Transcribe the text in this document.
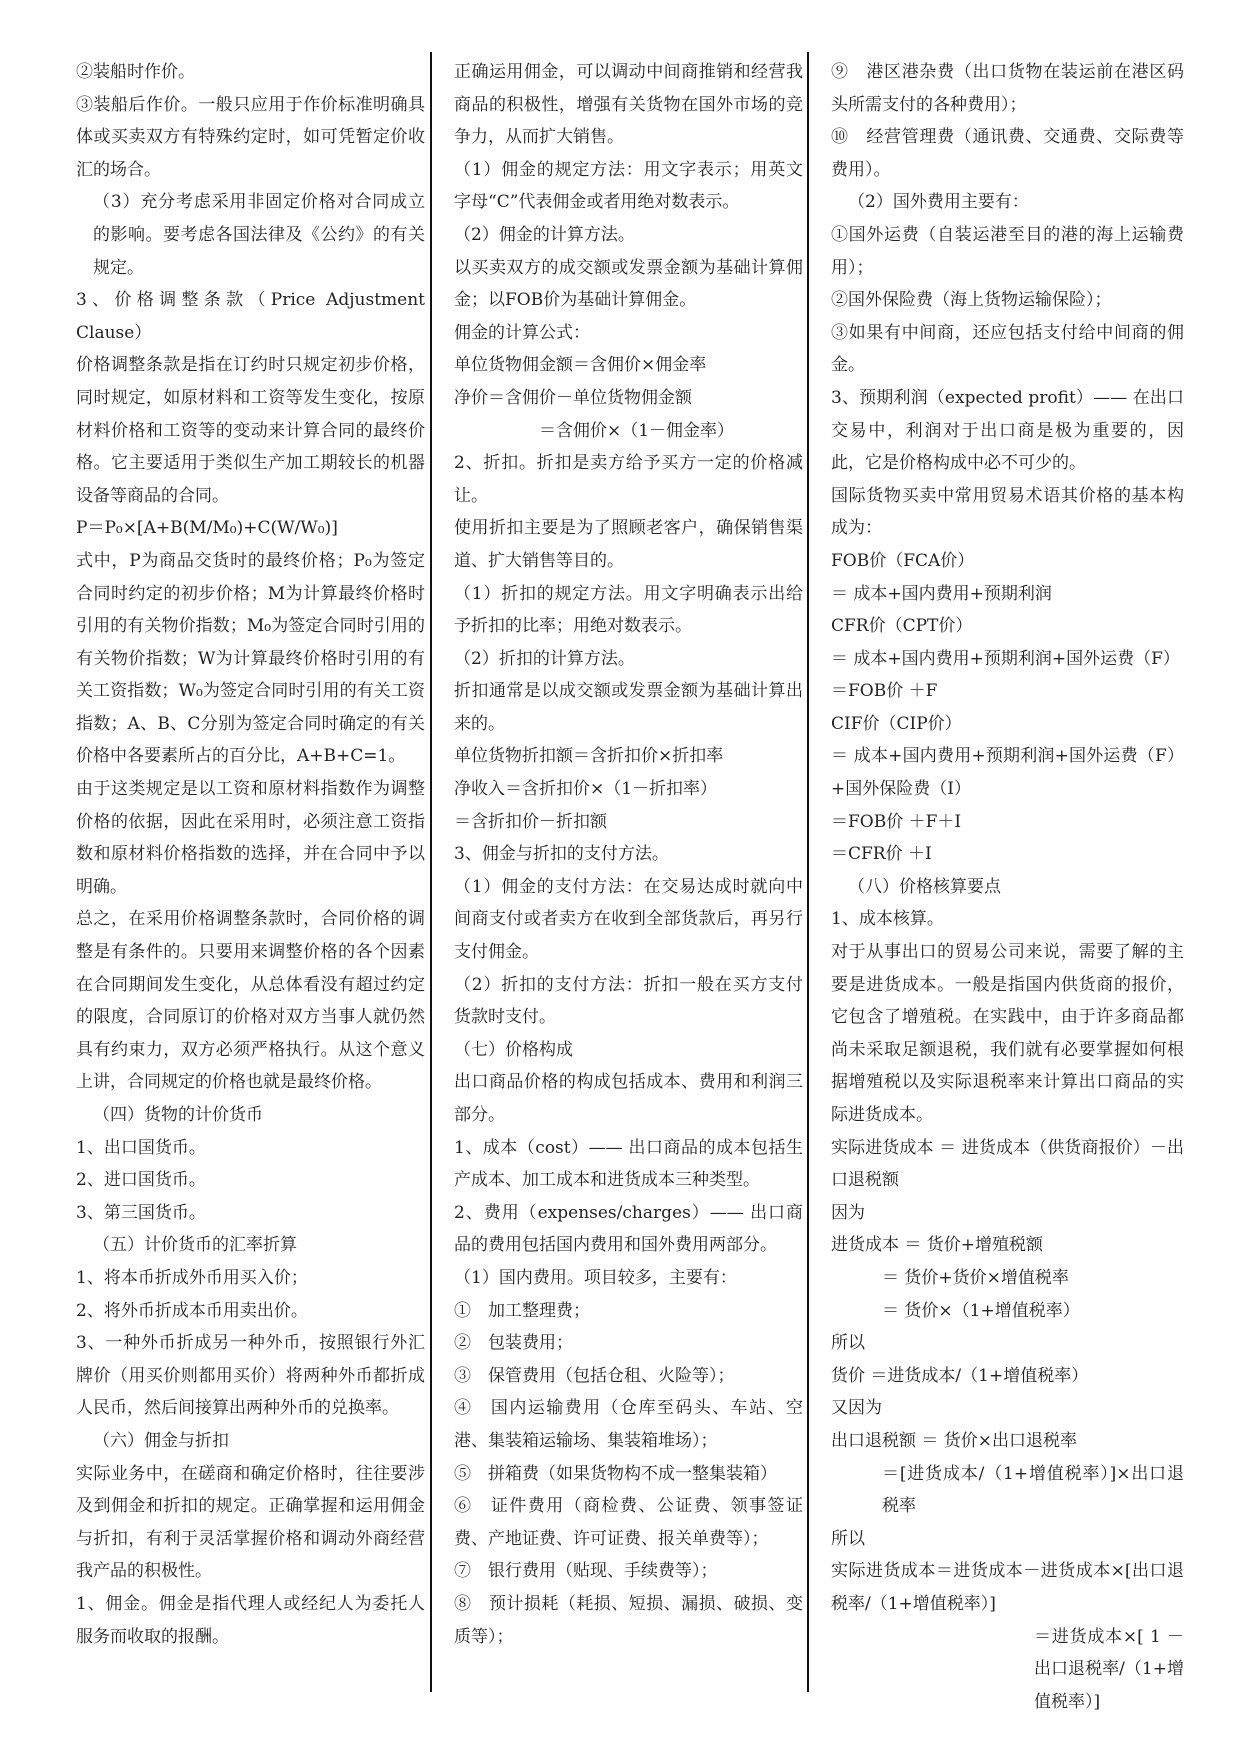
②装船时作价。

③装船后作价。一般只应用于作价标准明确具体或买卖双方有特殊约定时，如可凭暂定价收汇的场合。

（3）充分考虑采用非固定价格对合同成立的影响。要考虑各国法律及《公约》的有关规定。

3、价格调整条款（Price Adjustment Clause）

价格调整条款是指在订约时只规定初步价格，同时规定，如原材料和工资等发生变化，按原材料价格和工资等的变动来计算合同的最终价格。它主要适用于类似生产加工期较长的机器设备等商品的合同。

P＝P₀×[A+B(M/M₀)+C(W/W₀)]

式中，P为商品交货时的最终价格；P₀为签定合同时约定的初步价格；M为计算最终价格时引用的有关物价指数；M₀为签定合同时引用的有关物价指数；W为计算最终价格时引用的有关工资指数；W₀为签定合同时引用的有关工资指数；A、B、C分别为签定合同时确定的有关价格中各要素所占的百分比，A+B+C=1。

由于这类规定是以工资和原材料指数作为调整价格的依据，因此在采用时，必须注意工资指数和原材料价格指数的选择，并在合同中予以明确。

总之，在采用价格调整条款时，合同价格的调整是有条件的。只要用来调整价格的各个因素在合同期间发生变化，从总体看没有超过约定的限度，合同原订的价格对双方当事人就仍然具有约束力，双方必须严格执行。从这个意义上讲，合同规定的价格也就是最终价格。

（四）货物的计价货币

1、出口国货币。

2、进口国货币。

3、第三国货币。

（五）计价货币的汇率折算

1、将本币折成外币用买入价；

2、将外币折成本币用卖出价。

3、一种外币折成另一种外币，按照银行外汇牌价（用买价则都用买价）将两种外币都折成人民币，然后间接算出两种外币的兑换率。

（六）佣金与折扣

实际业务中，在磋商和确定价格时，往往要涉及到佣金和折扣的规定。正确掌握和运用佣金与折扣，有利于灵活掌握价格和调动外商经营我产品的积极性。

1、佣金。佣金是指代理人或经纪人为委托人服务而收取的报酬。

正确运用佣金，可以调动中间商推销和经营我商品的积极性，增强有关货物在国外市场的竞争力，从而扩大销售。

（1）佣金的规定方法：用文字表示；用英文字母“C”代表佣金或者用绝对数表示。

（2）佣金的计算方法。

以买卖双方的成交额或发票金额为基础计算佣金；以FOB价为基础计算佣金。

佣金的计算公式：

单位货物佣金额＝含佣价×佣金率

净价＝含佣价－单位货物佣金额

＝含佣价×（1－佣金率）

2、折扣。折扣是卖方给予买方一定的价格减让。

使用折扣主要是为了照顾老客户，确保销售渠道、扩大销售等目的。

（1）折扣的规定方法。用文字明确表示出给予折扣的比率；用绝对数表示。

（2）折扣的计算方法。

折扣通常是以成交额或发票金额为基础计算出来的。

单位货物折扣额＝含折扣价×折扣率

净收入＝含折扣价×（1－折扣率）

＝含折扣价－折扣额

3、佣金与折扣的支付方法。

（1）佣金的支付方法：在交易达成时就向中间商支付或者卖方在收到全部货款后，再另行支付佣金。

（2）折扣的支付方法：折扣一般在买方支付货款时支付。

（七）价格构成

出口商品价格的构成包括成本、费用和利润三部分。

1、成本（cost）—— 出口商品的成本包括生产成本、加工成本和进货成本三种类型。

2、费用（expenses/charges）—— 出口商品的费用包括国内费用和国外费用两部分。

（1）国内费用。项目较多，主要有：

①　加工整理费；

②　包装费用；

③　保管费用（包括仓租、火险等）；

④　国内运输费用（仓库至码头、车站、空港、集装箱运输场、集装箱堆场）；

⑤　拼箱费（如果货物构不成一整集装箱）

⑥　证件费用（商检费、公证费、领事签证费、产地证费、许可证费、报关单费等）；

⑦　银行费用（贴现、手续费等）；

⑧　预计损耗（耗损、短损、漏损、破损、变质等）；

⑨　港区港杂费（出口货物在装运前在港区码头所需支付的各种费用）；

⑩　经营管理费（通讯费、交通费、交际费等费用）。

（2）国外费用主要有：

①国外运费（自装运港至目的港的海上运输费用）；

②国外保险费（海上货物运输保险）；

③如果有中间商，还应包括支付给中间商的佣金。

3、预期利润（expected profit）—— 在出口交易中，利润对于出口商是极为重要的，因此，它是价格构成中必不可少的。

国际货物买卖中常用贸易术语其价格的基本构成为：

FOB价（FCA价）

＝ 成本+国内费用+预期利润

CFR价（CPT价）

＝ 成本+国内费用+预期利润+国外运费（F）

＝FOB价 ＋F

CIF价（CIP价）

＝ 成本+国内费用+预期利润+国外运费（F）+国外保险费（I）

＝FOB价 ＋F＋I

＝CFR价 ＋I

（八）价格核算要点

1、成本核算。

对于从事出口的贸易公司来说，需要了解的主要是进货成本。一般是指国内供货商的报价，它包含了增殖税。在实践中，由于许多商品都尚未采取足额退税，我们就有必要掌握如何根据增殖税以及实际退税率来计算出口商品的实际进货成本。

实际进货成本 ＝ 进货成本（供货商报价）－出口退税额

因为

进货成本 ＝ 货价+增殖税额

＝ 货价+货价×增值税率

＝ 货价×（1+增值税率）

所以

货价 ＝进货成本/（1+增值税率）

又因为

出口退税额 ＝ 货价×出口退税率

＝[进货成本/（1+增值税率）]×出口退税率

所以

实际进货成本＝进货成本－进货成本×[出口退税率/（1+增值税率）]

＝进货成本×[ 1 －出口退税率/（1+增值税率）]
